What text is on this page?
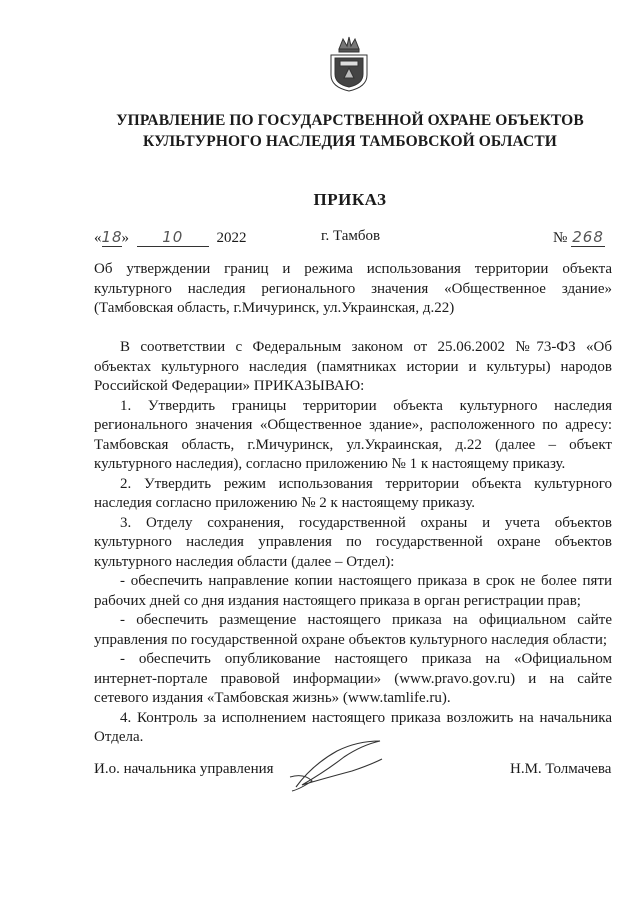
УПРАВЛЕНИЕ ПО ГОСУДАРСТВЕННОЙ ОХРАНЕ ОБЪЕКТОВ
КУЛЬТУРНОГО НАСЛЕДИЯ ТАМБОВСКОЙ ОБЛАСТИ
ПРИКАЗ
«18» 10 2022	г. Тамбов	№ 268
Об утверждении границ и режима использования территории объекта культурного наследия регионального значения «Общественное здание» (Тамбовская область, г.Мичуринск, ул.Украинская, д.22)

В соответствии с Федеральным законом от 25.06.2002 №73-ФЗ «Об объектах культурного наследия (памятниках истории и культуры) народов Российской Федерации» ПРИКАЗЫВАЮ:

1. Утвердить границы территории объекта культурного наследия регионального значения «Общественное здание», расположенного по адресу: Тамбовская область, г.Мичуринск, ул.Украинская, д.22 (далее – объект культурного наследия), согласно приложению № 1 к настоящему приказу.

2. Утвердить режим использования территории объекта культурного наследия согласно приложению № 2 к настоящему приказу.

3. Отделу сохранения, государственной охраны и учета объектов культурного наследия управления по государственной охране объектов культурного наследия области (далее – Отдел):

- обеспечить направление копии настоящего приказа в срок не более пяти рабочих дней со дня издания настоящего приказа в орган регистрации прав;

- обеспечить размещение настоящего приказа на официальном сайте управления по государственной охране объектов культурного наследия области;

- обеспечить опубликование настоящего приказа на «Официальном интернет-портале правовой информации» (www.pravo.gov.ru) и на сайте сетевого издания «Тамбовская жизнь» (www.tamlife.ru).

4. Контроль за исполнением настоящего приказа возложить на начальника Отдела.

И.о. начальника управления	Н.М. Толмачева
